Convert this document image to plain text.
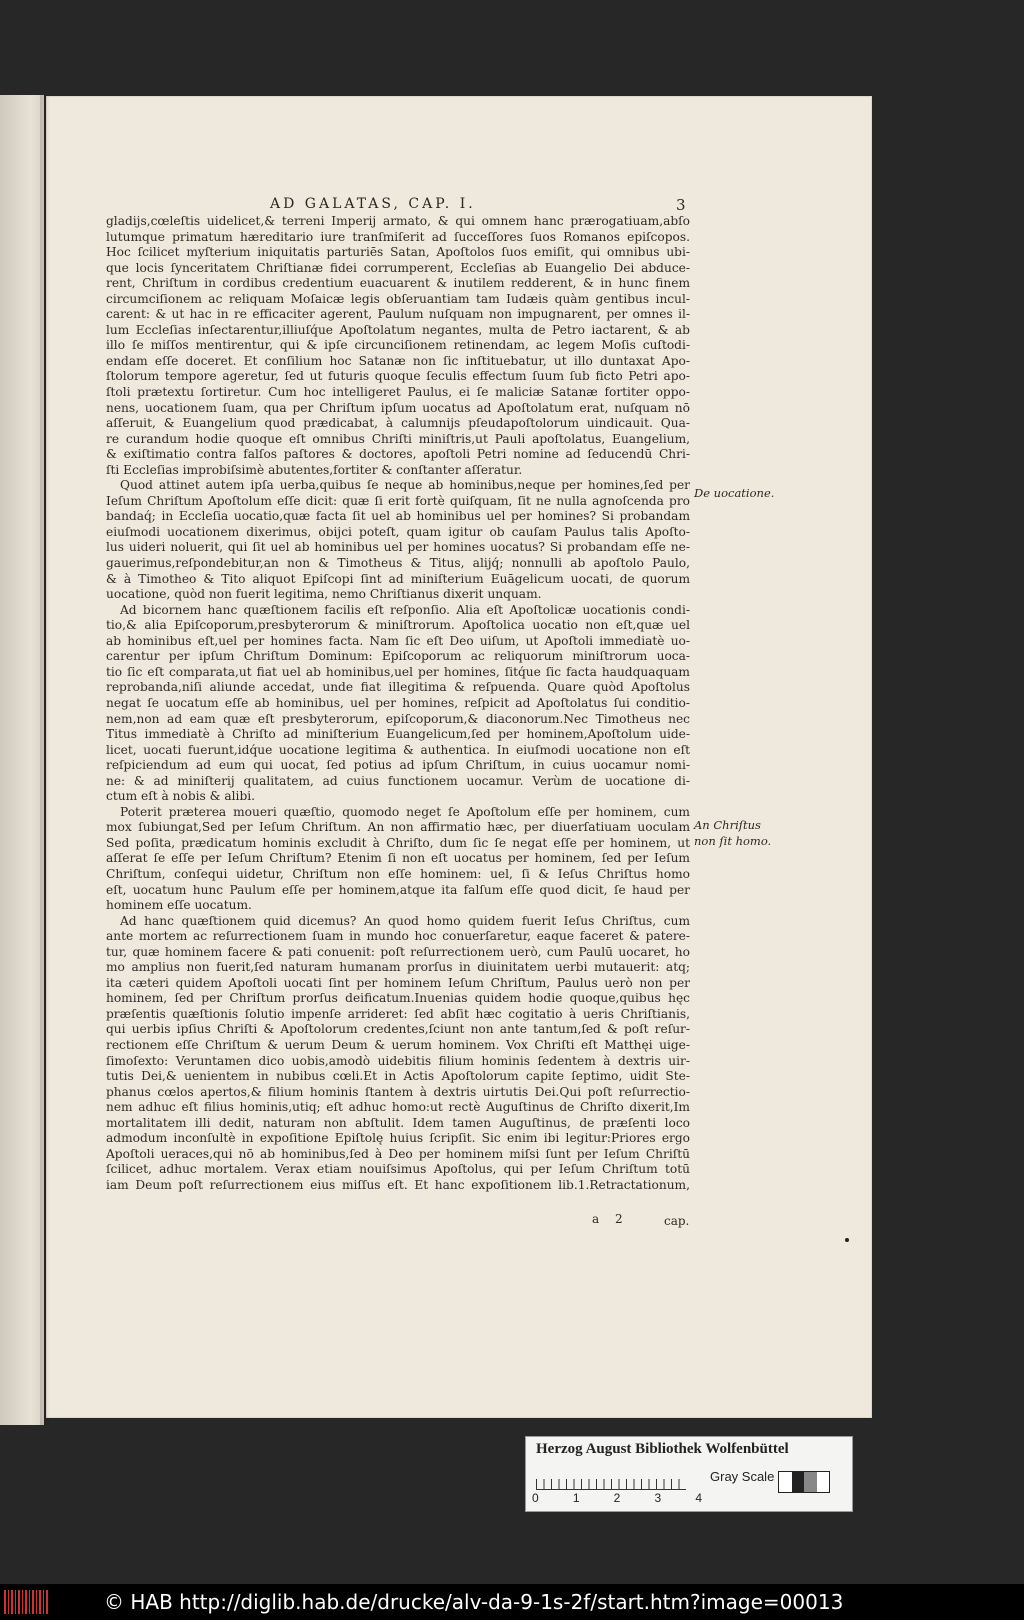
AD GALATAS, CAP. I.	3
gladijs,cœleſtis uidelicet,& terreni Imperij armato, & qui omnem hanc prærogatiuam,abſo
lutumque primatum hæreditario iure tranſmiſerit ad ſucceſſores ſuos Romanos epiſcopos.
Hoc ſcilicet myſterium iniquitatis parturiēs Satan, Apoſtolos ſuos emiſit, qui omnibus ubi-
que locis ſynceritatem Chriſtianæ fidei corrumperent, Eccleſias ab Euangelio Dei abduce-
rent, Chriſtum in cordibus credentium euacuarent & inutilem redderent, & in hunc finem
circumciſionem ac reliquam Moſaicæ legis obſeruantiam tam Iudæis quàm gentibus incul-
carent: & ut hac in re efficaciter agerent, Paulum nuſquam non impugnarent, per omnes il-
lum Eccleſias inſectarentur,illiuſq́ue Apoſtolatum negantes, multa de Petro iactarent, & ab
illo ſe miſſos mentirentur, qui & ipſe circunciſionem retinendam, ac legem Moſis cuſtodi-
endam eſſe doceret. Et conſilium hoc Satanæ non ſic inſtituebatur, ut illo duntaxat Apo-
ſtolorum tempore ageretur, ſed ut futuris quoque ſeculis effectum ſuum ſub ficto Petri apo-
ſtoli prætextu ſortiretur. Cum hoc intelligeret Paulus, ei ſe maliciæ Satanæ fortiter oppo-
nens, uocationem ſuam, qua per Chriſtum ipſum uocatus ad Apoſtolatum erat, nuſquam nō
aſſeruit, & Euangelium quod prædicabat, à calumnijs pſeudapoſtolorum uindicauit. Qua-
re curandum hodie quoque eſt omnibus Chriſti miniſtris,ut Pauli apoſtolatus, Euangelium,
& exiſtimatio contra falſos paſtores & doctores, apoſtoli Petri nomine ad ſeducendū Chri-
ſti Eccleſias improbiſsimè abutentes,fortiter & conſtanter aſſeratur.
Quod attinet autem ipſa uerba,quibus ſe neque ab hominibus,neque per homines,ſed per
Ieſum Chriſtum Apoſtolum eſſe dicit: quæ ſi erit fortè quiſquam, ſit ne nulla agnoſcenda pro
bandaq́; in Eccleſia uocatio,quæ facta ſit uel ab hominibus uel per homines? Si probandam
eiuſmodi uocationem dixerimus, obijci poteſt, quam igitur ob cauſam Paulus talis Apoſto-
lus uideri noluerit, qui ſit uel ab hominibus uel per homines uocatus? Si probandam eſſe ne-
gauerimus,reſpondebitur,an non & Timotheus & Titus, alijq́; nonnulli ab apoſtolo Paulo,
& à Timotheo & Tito aliquot Epiſcopi ſint ad miniſterium Euāgelicum uocati, de quorum
uocatione, quòd non fuerit legitima, nemo Chriſtianus dixerit unquam.
Ad bicornem hanc quæſtionem facilis eſt reſponſio. Alia eſt Apoſtolicæ uocationis condi-
tio,& alia Epiſcoporum,presbyterorum & miniſtrorum. Apoſtolica uocatio non eſt,quæ uel
ab hominibus eſt,uel per homines facta. Nam ſic eſt Deo uiſum, ut Apoſtoli immediatè uo-
carentur per ipſum Chriſtum Dominum: Epiſcoporum ac reliquorum miniſtrorum uoca-
tio ſic eſt comparata,ut fiat uel ab hominibus,uel per homines, ſitq́ue ſic facta haudquaquam
reprobanda,niſi aliunde accedat, unde fiat illegitima & reſpuenda. Quare quòd Apoſtolus
negat ſe uocatum eſſe ab hominibus, uel per homines, reſpicit ad Apoſtolatus ſui conditio-
nem,non ad eam quæ eſt presbyterorum, epiſcoporum,& diaconorum.Nec Timotheus nec
Titus immediatè à Chriſto ad miniſterium Euangelicum,ſed per hominem,Apoſtolum uide-
licet, uocati fuerunt,idq́ue uocatione legitima & authentica. In eiuſmodi uocatione non eſt
reſpiciendum ad eum qui uocat, ſed potius ad ipſum Chriſtum, in cuius uocamur nomi-
ne: & ad miniſterij qualitatem, ad cuius functionem uocamur. Verùm de uocatione di-
ctum eſt à nobis & alibi.
Poterit præterea moueri quæſtio, quomodo neget ſe Apoſtolum eſſe per hominem, cum
mox ſubiungat,Sed per Ieſum Chriſtum. An non affirmatio hæc, per diuerſatiuam uoculam
Sed poſita, prædicatum hominis excludit à Chriſto, dum ſic ſe negat eſſe per hominem, ut
aſſerat ſe eſſe per Ieſum Chriſtum? Etenim ſi non eſt uocatus per hominem, ſed per Ieſum
Chriſtum, conſequi uidetur, Chriſtum non eſſe hominem: uel, ſi & Ieſus Chriſtus homo
eſt, uocatum hunc Paulum eſſe per hominem,atque ita falſum eſſe quod dicit, ſe haud per
hominem eſſe uocatum.
Ad hanc quæſtionem quid dicemus? An quod homo quidem fuerit Ieſus Chriſtus, cum
ante mortem ac reſurrectionem ſuam in mundo hoc conuerſaretur, eaque faceret & patere-
tur, quæ hominem facere & pati conuenit: poſt reſurrectionem uerò, cum Paulū uocaret, ho
mo amplius non fuerit,ſed naturam humanam prorſus in diuinitatem uerbi mutauerit: atq;
ita cæteri quidem Apoſtoli uocati ſint per hominem Ieſum Chriſtum, Paulus uerò non per
hominem, ſed per Chriſtum prorſus deificatum.Inuenias quidem hodie quoque,quibus hęc
præſentis quæſtionis ſolutio impenſe arrideret: ſed abſit hæc cogitatio à ueris Chriſtianis,
qui uerbis ipſius Chriſti & Apoſtolorum credentes,ſciunt non ante tantum,ſed & poſt reſur-
rectionem eſſe Chriſtum & uerum Deum & uerum hominem. Vox Chriſti eſt Matthęi uige-
ſimoſexto: Veruntamen dico uobis,amodò uidebitis filium hominis ſedentem à dextris uir-
tutis Dei,& uenientem in nubibus cœli.Et in Actis Apoſtolorum capite ſeptimo, uidit Ste-
phanus cœlos apertos,& filium hominis ſtantem à dextris uirtutis Dei.Qui poſt reſurrectio-
nem adhuc eſt filius hominis,utiq; eſt adhuc homo:ut rectè Auguſtinus de Chriſto dixerit,Im
mortalitatem illi dedit, naturam non abſtulit. Idem tamen Auguſtinus, de præſenti loco
admodum inconſultè in expoſitione Epiſtolę huius ſcripſit. Sic enim ibi legitur:Priores ergo
Apoſtoli ueraces,qui nō ab hominibus,ſed à Deo per hominem miſsi ſunt per Ieſum Chriſtū
ſcilicet, adhuc mortalem. Verax etiam nouiſsimus Apoſtolus, qui per Ieſum Chriſtum totū
iam Deum poſt reſurrectionem eius miſſus eſt. Et hanc expoſitionem lib.1.Retractationum,
De uocatione.
An Chriſtus
non ſit homo.
a 2	cap.
Herzog August Bibliothek Wolfenbüttel
0	1	2	3	4
Gray Scale
© HAB http://diglib.hab.de/drucke/alv-da-9-1s-2f/start.htm?image=00013
